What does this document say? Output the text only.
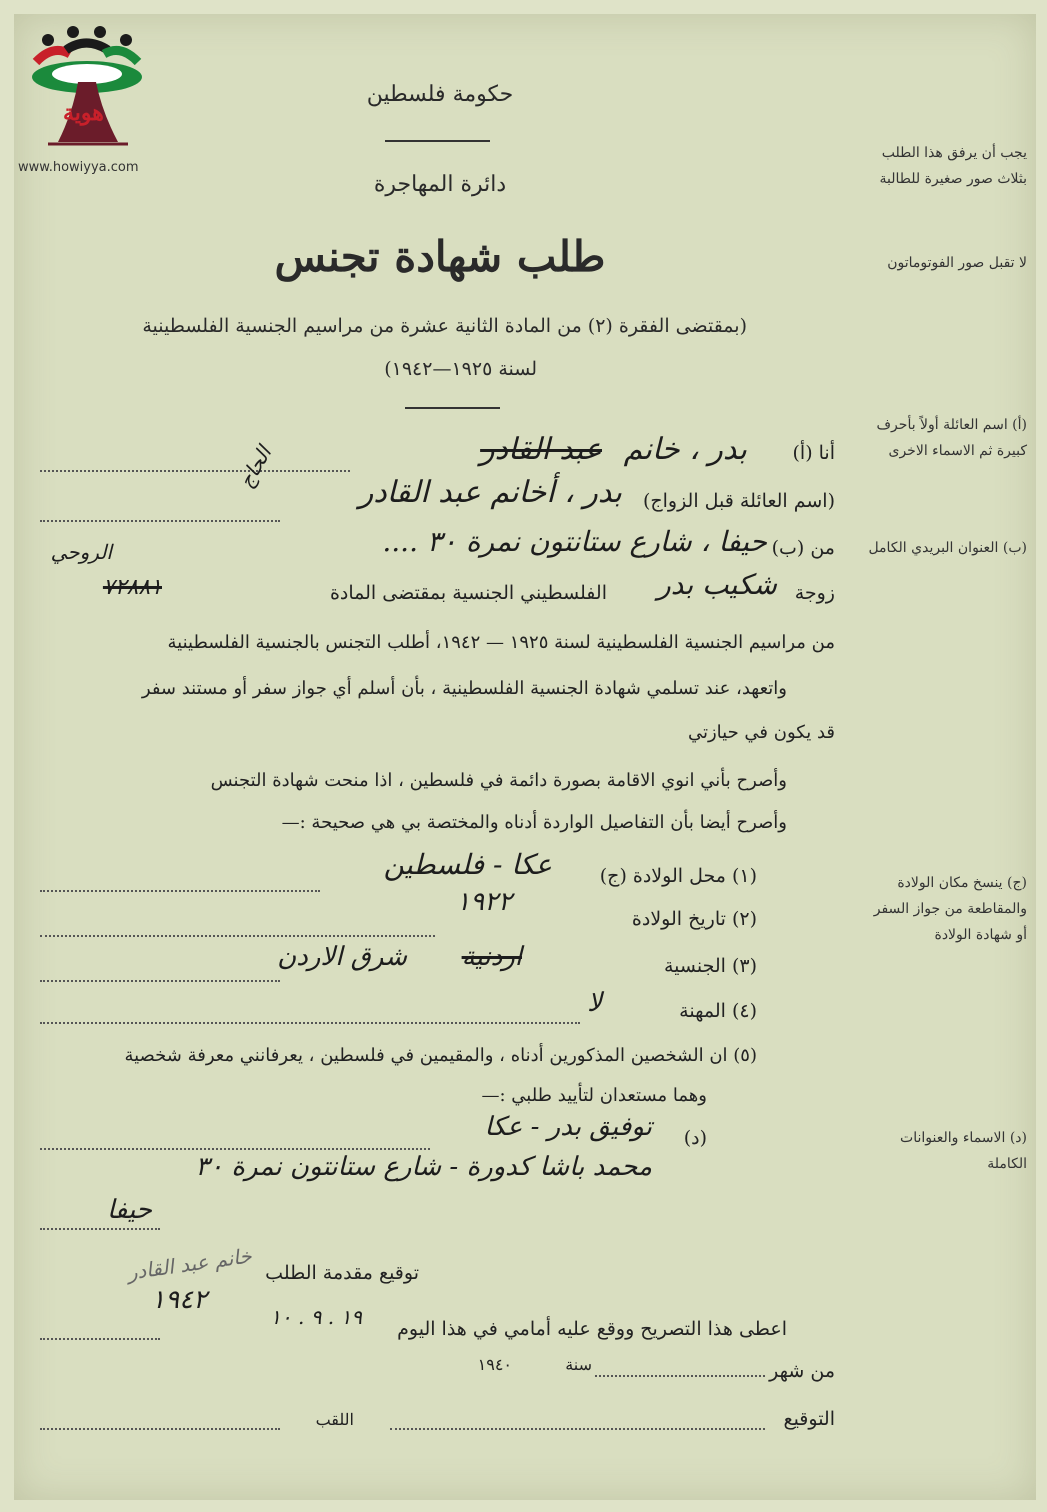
هوية
www.howiyya.com
حكومة فلسطين
دائرة المهاجرة
طلب شهادة تجنس
(بمقتضى الفقرة (٢) من المادة الثانية عشرة من مراسيم الجنسية الفلسطينية
لسنة ١٩٢٥—١٩٤٢)
يجب أن يرفق هذا الطلب بثلاث صور صغيرة للطالبة
لا تقبل صور الفوتوماتون
(أ) اسم العائلة أولاً بأحرف كبيرة ثم الاسماء الاخرى
(ب) العنوان البريدي الكامل
(ج) ينسخ مكان الولادة والمقاطعة من جواز السفر أو شهادة الولادة
(د) الاسماء والعنوانات الكاملة
أنا (أ)
بدر ، خانم
عبد القادر
(اسم العائلة قبل الزواج)
بدر ، أخانم عبد القادر
الحاج
من (ب)
حيفا ، شارع ستانتون نمرة ٣٠ ....
الروحي
زوجة
شكيب بدر
الفلسطيني الجنسية بمقتضى المادة
٧٢٨٨١
من مراسيم الجنسية الفلسطينية لسنة ١٩٢٥ — ١٩٤٢، أطلب التجنس بالجنسية الفلسطينية
واتعهد، عند تسلمي شهادة الجنسية الفلسطينية ، بأن أسلم أي جواز سفر أو مستند سفر
قد يكون في حيازتي
وأصرح بأني انوي الاقامة بصورة دائمة في فلسطين ، اذا منحت شهادة التجنس
وأصرح أيضا بأن التفاصيل الواردة أدناه والمختصة بي هي صحيحة :—
(١) محل الولادة (ج)
عكا - فلسطين
(٢) تاريخ الولادة
١٩٢٢
(٣) الجنسية
اردنية
شرق الاردن
(٤) المهنة
لا
(٥) ان الشخصين المذكورين أدناه ، والمقيمين في فلسطين ، يعرفانني معرفة شخصية
وهما مستعدان لتأييد طلبي :—
(د)
توفيق بدر - عكا
محمد باشا كدورة - شارع ستانتون نمرة ٣٠
حيفا
توقيع مقدمة الطلب
خانم عبد القادر
١٩٤٢
اعطى هذا التصريح ووقع عليه أمامي في هذا اليوم
١٩ . ٩ . ١٠
من شهر
سنة
١٩٤٠
التوقيع
اللقب
